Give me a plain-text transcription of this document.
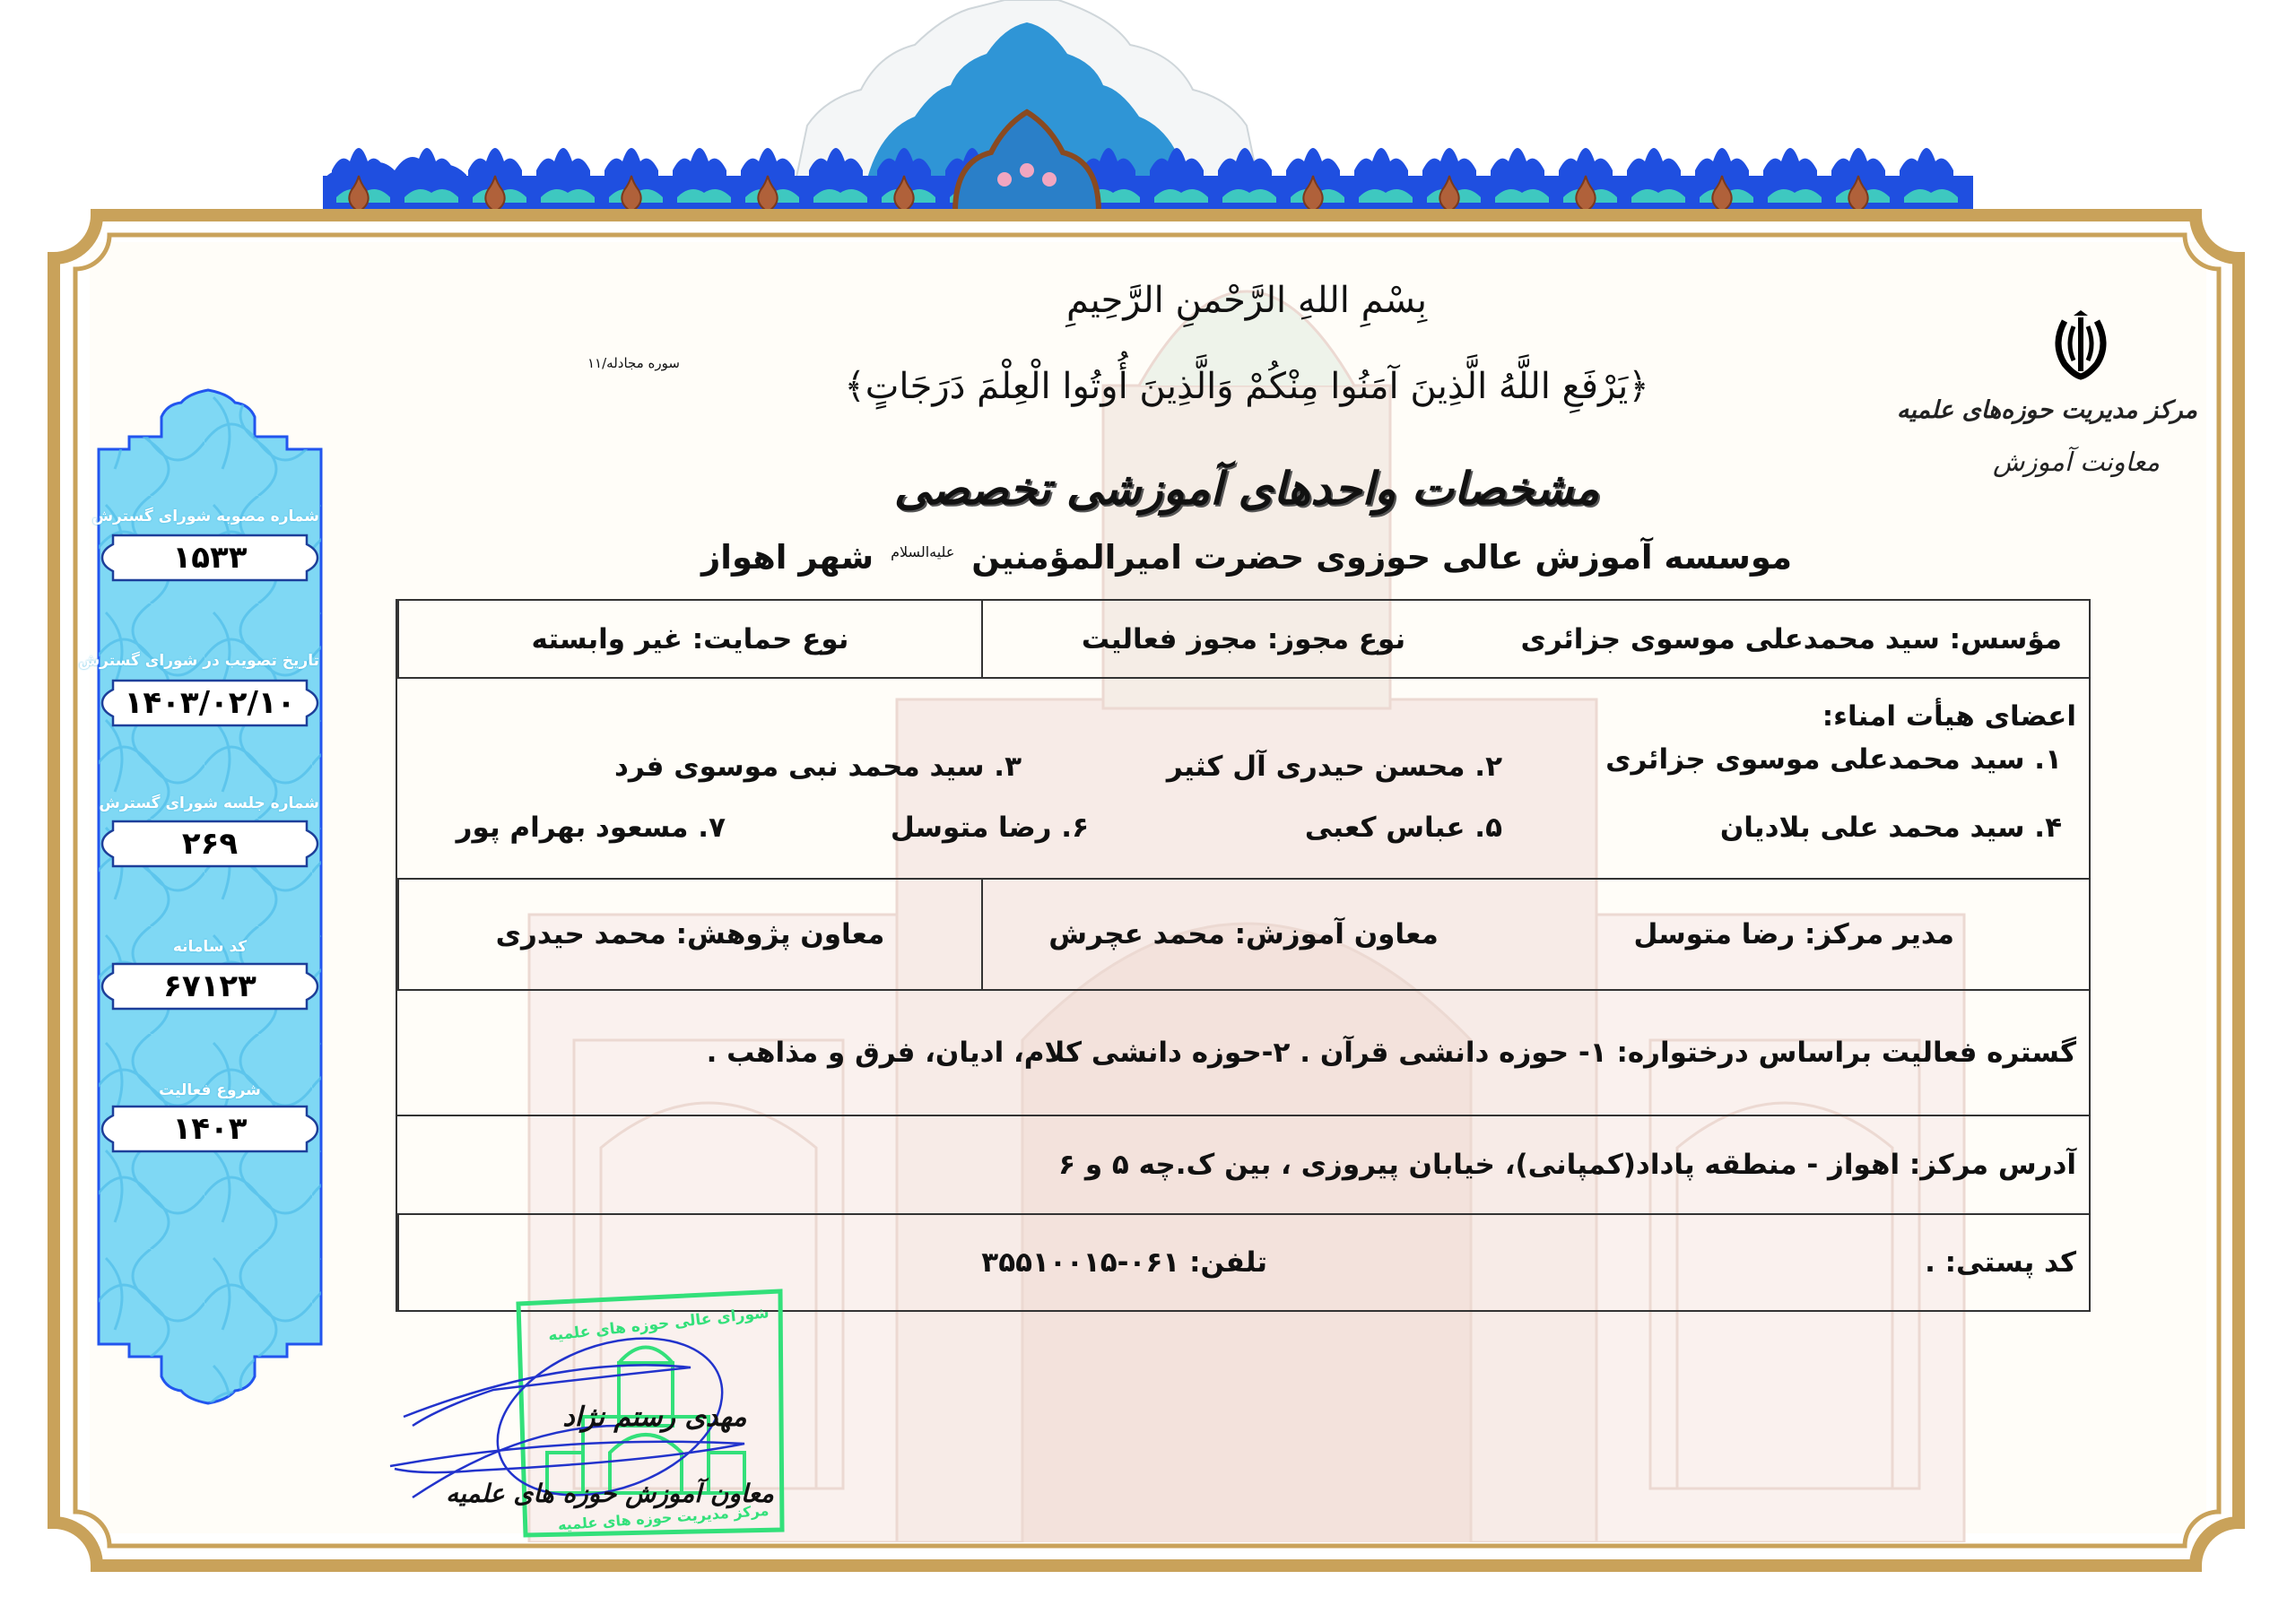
شماره مصوبه شورای گسترش
۱۵۳۳
تاریخ تصویب در شورای گسترش
۱۴۰۳/۰۲/۱۰
شماره جلسه شورای گسترش
۲۶۹
کد سامانه
۶۷۱۲۳
شروع فعالیت
۱۴۰۳
مرکز مدیریت حوزه‌های علمیه
معاونت آموزش
بِسْمِ اللهِ الرَّحْمنِ الرَّحِيمِ
﴿يَرْفَعِ اللَّهُ الَّذِينَ آمَنُوا مِنْكُمْ وَالَّذِينَ أُوتُوا الْعِلْمَ دَرَجَاتٍ﴾
سوره مجادله/۱۱
مشخصات واحدهای آموزشی تخصصی
موسسه آموزش عالی حوزوی حضرت امیرالمؤمنین $^{علیه‌السلام}$ شهر اهواز
مؤسس: سید محمدعلی موسوی جزائری
نوع مجوز: مجوز فعالیت
نوع حمایت: غیر وابسته
اعضای هیأت امناء:
۱. سید محمدعلی موسوی جزائری
۲. محسن حیدری آل کثیر
۳. سید محمد نبی موسوی فرد
۴. سید محمد علی بلادیان
۵. عباس کعبی
۶. رضا متوسل
۷. مسعود بهرام پور
مدیر مرکز: رضا متوسل
معاون آموزش: محمد عچرش
معاون پژوهش: محمد حیدری
گستره فعالیت براساس درختواره: ۱- حوزه دانشی قرآن . ۲-حوزه دانشی کلام، ادیان، فرق و مذاهب .
آدرس مرکز: اهواز - منطقه پاداد(کمپانی)، خیابان پیروزی ، بین ک.چه ۵ و ۶
کد پستی: .
تلفن: ۰۶۱-۳۵۵۱۰۰۱۵
شورای عالی حوزه های علمیه
مرکز مدیریت حوزه های علمیه
مهدی رستم نژاد
معاون آموزش حوزه های علمیه
